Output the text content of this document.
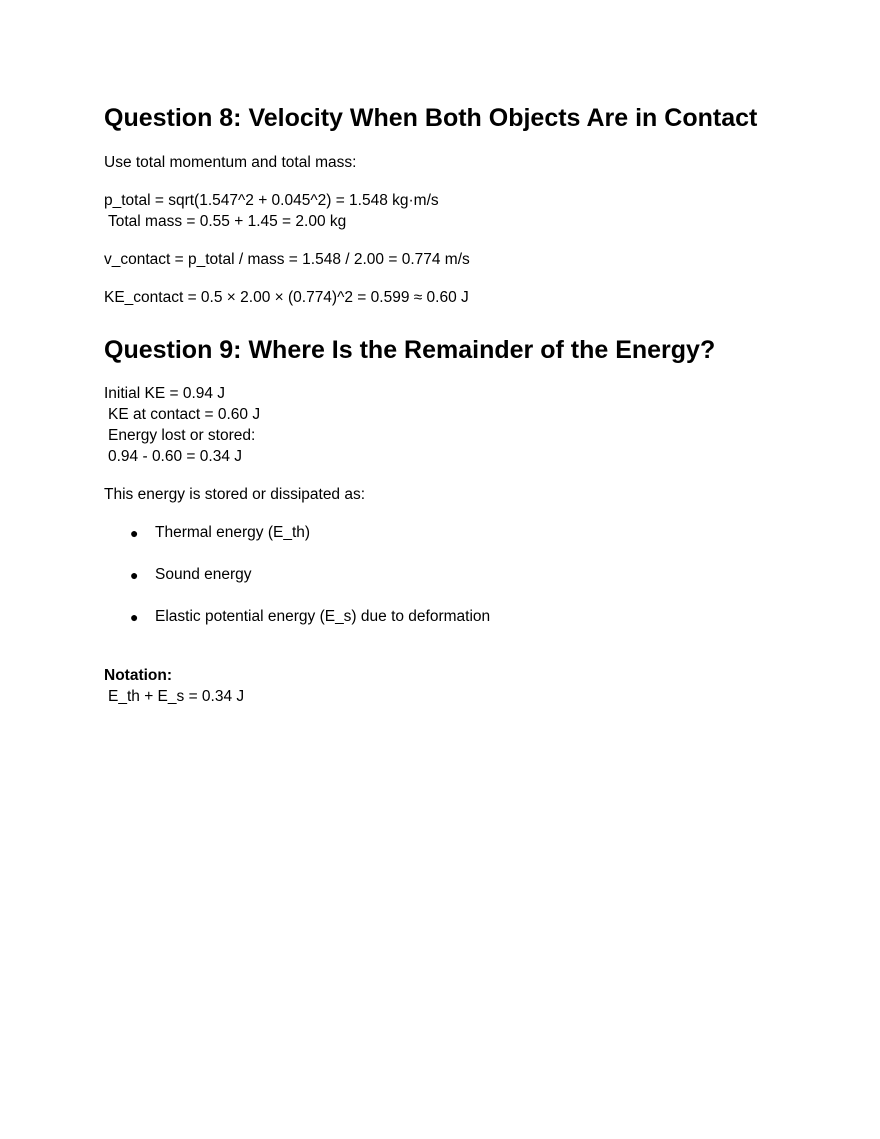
Question 8: Velocity When Both Objects Are in Contact
Use total momentum and total mass:
p_total = sqrt(1.547^2 + 0.045^2) = 1.548 kg·m/s
Total mass = 0.55 + 1.45 = 2.00 kg
v_contact = p_total / mass = 1.548 / 2.00 = 0.774 m/s
KE_contact = 0.5 × 2.00 × (0.774)^2 = 0.599 ≈ 0.60 J
Question 9: Where Is the Remainder of the Energy?
Initial KE = 0.94 J
KE at contact = 0.60 J
Energy lost or stored:
0.94 - 0.60 = 0.34 J
This energy is stored or dissipated as:
● Thermal energy (E_th)
● Sound energy
● Elastic potential energy (E_s) due to deformation
Notation:
E_th + E_s = 0.34 J
